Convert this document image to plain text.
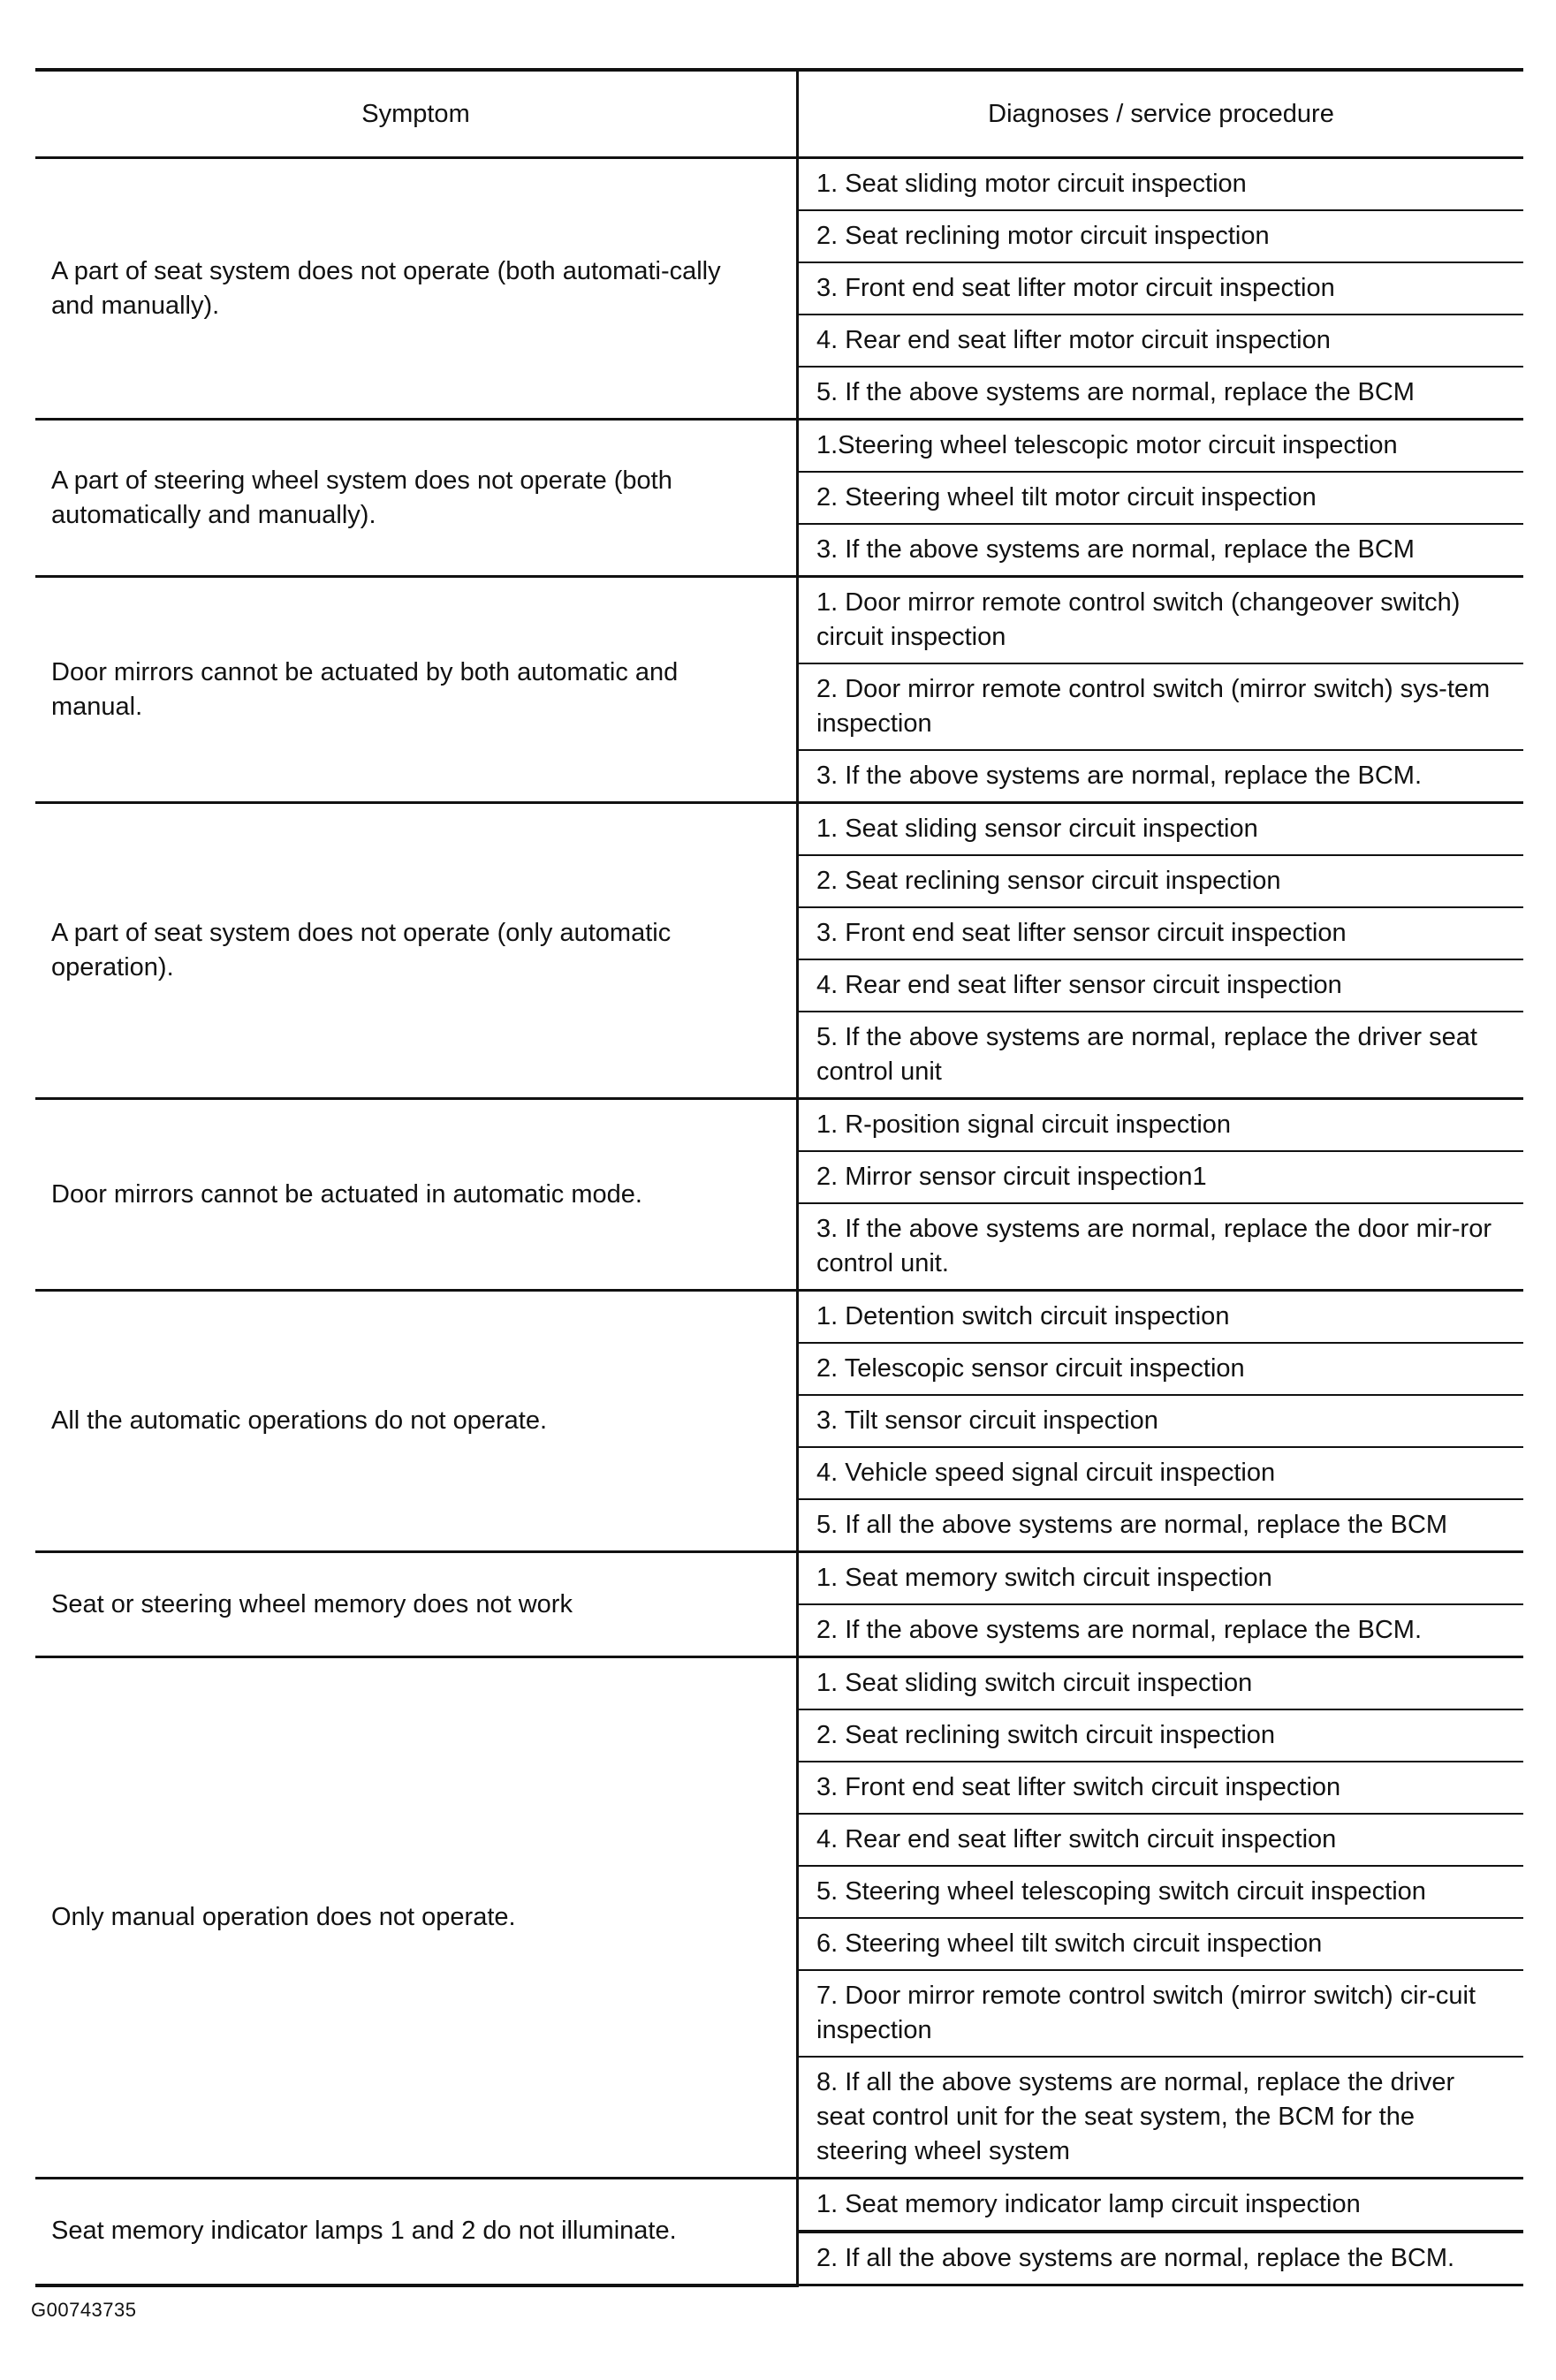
Symptom	Diagnoses / service procedure
A part of seat system does not operate (both automati-cally and manually).	1. Seat sliding motor circuit inspection
	2. Seat reclining motor circuit inspection
	3. Front end seat lifter motor circuit inspection
	4. Rear end seat lifter motor circuit inspection
	5. If the above systems are normal, replace the BCM
A part of steering wheel system does not operate (both automatically and manually).	1.Steering wheel telescopic motor circuit inspection
	2. Steering wheel tilt motor circuit inspection
	3. If the above systems are normal, replace the BCM
Door mirrors cannot be actuated by both automatic and manual.	1. Door mirror remote control switch (changeover switch) circuit inspection
	2. Door mirror remote control switch (mirror switch) sys-tem inspection
	3. If the above systems are normal, replace the BCM.
A part of seat system does not operate (only automatic operation).	1. Seat sliding sensor circuit inspection
	2. Seat reclining sensor circuit inspection
	3. Front end seat lifter sensor circuit inspection
	4. Rear end seat lifter sensor circuit inspection
	5. If the above systems are normal, replace the driver seat control unit
Door mirrors cannot be actuated in automatic mode.	1. R-position signal circuit inspection
	2. Mirror sensor circuit inspection1
	3. If the above systems are normal, replace the door mir-ror control unit.
All the automatic operations do not operate.	1. Detention switch circuit inspection
	2. Telescopic sensor circuit inspection
	3. Tilt sensor circuit inspection
	4. Vehicle speed signal circuit inspection
	5. If all the above systems are normal, replace the BCM
Seat or steering wheel memory does not work	1. Seat memory switch circuit inspection
	2. If the above systems are normal, replace the BCM.
Only manual operation does not operate.	1. Seat sliding switch circuit inspection
	2. Seat reclining switch circuit inspection
	3. Front end seat lifter switch circuit inspection
	4. Rear end seat lifter switch circuit inspection
	5. Steering wheel telescoping switch circuit inspection
	6. Steering wheel tilt switch circuit inspection
	7. Door mirror remote control switch (mirror switch) cir-cuit inspection
	8. If all the above systems are normal, replace the driver seat control unit for the seat system, the BCM for the steering wheel system
Seat memory indicator lamps 1 and 2 do not illuminate.	1. Seat memory indicator lamp circuit inspection
	2. If all the above systems are normal, replace the BCM.
G00743735
